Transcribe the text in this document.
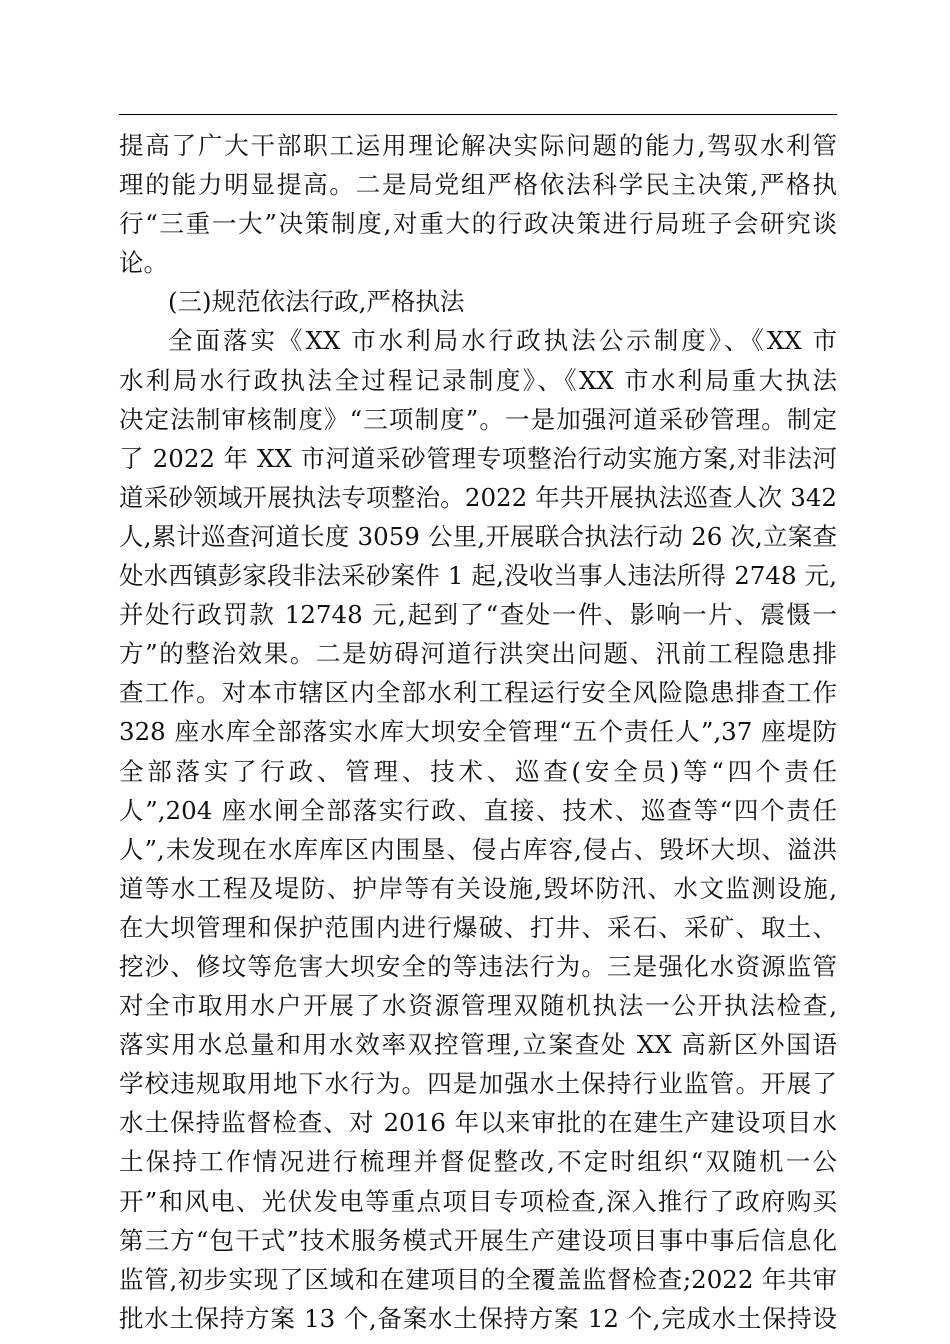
提高了广大干部职工运用理论解决实际问题的能力,驾驭水利管
理的能力明显提高。二是局党组严格依法科学民主决策,严格执
行“三重一大”决策制度,对重大的行政决策进行局班子会研究谈
论。
(三)规范依法行政,严格执法
全面落实《XX 市水利局水行政执法公示制度》、《XX 市
水利局水行政执法全过程记录制度》、《XX 市水利局重大执法
决定法制审核制度》“三项制度”。一是加强河道采砂管理。制定
了 2022 年 XX 市河道采砂管理专项整治行动实施方案,对非法河
道采砂领域开展执法专项整治。2022 年共开展执法巡查人次 342
人,累计巡查河道长度 3059 公里,开展联合执法行动 26 次,立案查
处水西镇彭家段非法采砂案件 1 起,没收当事人违法所得 2748 元,
并处行政罚款 12748 元,起到了“查处一件、影响一片、震慑一
方”的整治效果。二是妨碍河道行洪突出问题、汛前工程隐患排
查工作。对本市辖区内全部水利工程运行安全风险隐患排查工作
328 座水库全部落实水库大坝安全管理“五个责任人”,37 座堤防
全部落实了行政、管理、技术、巡查(安全员)等“四个责任
人”,204 座水闸全部落实行政、直接、技术、巡查等“四个责任
人”,未发现在水库库区内围垦、侵占库容,侵占、毁坏大坝、溢洪
道等水工程及堤防、护岸等有关设施,毁坏防汛、水文监测设施,
在大坝管理和保护范围内进行爆破、打井、采石、采矿、取土、
挖沙、修坟等危害大坝安全的等违法行为。三是强化水资源监管
对全市取用水户开展了水资源管理双随机执法一公开执法检查,
落实用水总量和用水效率双控管理,立案查处 XX 高新区外国语
学校违规取用地下水行为。四是加强水土保持行业监管。开展了
水土保持监督检查、对 2016 年以来审批的在建生产建设项目水
土保持工作情况进行梳理并督促整改,不定时组织“双随机一公
开”和风电、光伏发电等重点项目专项检查,深入推行了政府购买
第三方“包干式”技术服务模式开展生产建设项目事中事后信息化
监管,初步实现了区域和在建项目的全覆盖监督检查;2022 年共审
批水土保持方案 13 个,备案水土保持方案 12 个,完成水土保持设
